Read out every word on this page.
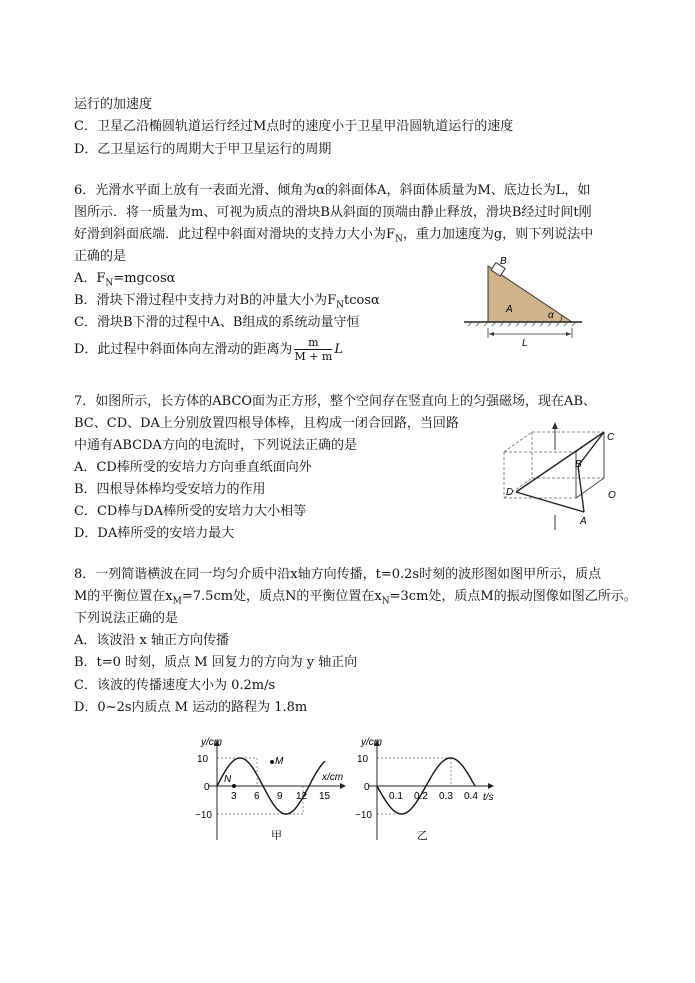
运行的加速度
C．卫星乙沿椭圆轨道运行经过M点时的速度小于卫星甲沿圆轨道运行的速度
D．乙卫星运行的周期大于甲卫星运行的周期
6．光滑水平面上放有一表面光滑、倾角为α的斜面体A，斜面体质量为M、底边长为L，如
图所示．将一质量为m、可视为质点的滑块B从斜面的顶端由静止释放，滑块B经过时间t刚
好滑到斜面底端．此过程中斜面对滑块的支持力大小为$F_N$，重力加速度为g，则下列说法中
正确的是
A．$F_N=mgcos\alpha$
B．滑块下滑过程中支持力对B的冲量大小为$F_Ntcos\alpha$
C．滑块B下滑的过程中A、B组成的系统动量守恒
D．此过程中斜面体向左滑动的距离为 $\frac{m}{M + m}$ L
B
A
α
L
7．如图所示，长方体的ABCO面为正方形，整个空间存在竖直向上的匀强磁场，现在AB、
BC、CD、DA上分别放置四根导体棒，且构成一闭合回路，当回路
中通有ABCDA方向的电流时，下列说法正确的是
A．CD棒所受的安培力方向垂直纸面向外
B．四根导体棒均受安培力的作用
C．CD棒与DA棒所受的安培力大小相等
D．DA棒所受的安培力最大
C
B
D	O
A
8．一列简谐横波在同一均匀介质中沿x轴方向传播，t=0.2s时刻的波形图如图甲所示，质点
M的平衡位置在$x_M=7.5cm$处，质点N的平衡位置在$x_N=3cm$处，质点M的振动图像如图乙所示。
下列说法正确的是
A．该波沿 x 轴正方向传播
B．t=0 时刻，质点 M 回复力的方向为 y 轴正向
C．该波的传播速度大小为 0.2m/s
D．0~2s内质点 M 运动的路程为 1.8m
y/cm
x/cm
10
0
−10
3 6 9 12 15
N
M
甲
y/cm
t/s
10
0
−10
0.1 0.2 0.3 0.4
乙
